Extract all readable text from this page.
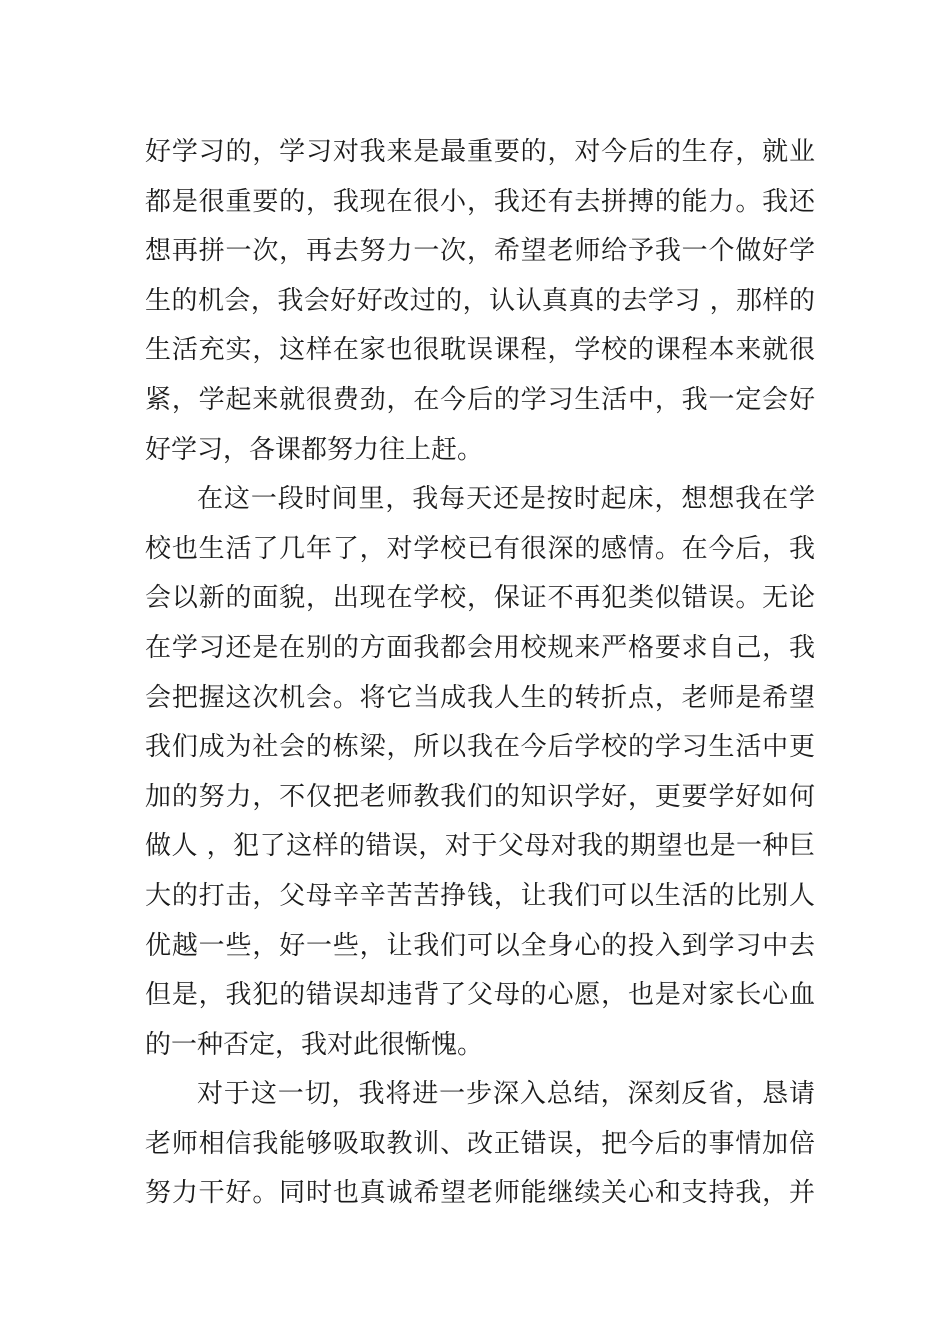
好学习的，学习对我来是最重要的，对今后的生存，就业
都是很重要的，我现在很小，我还有去拼搏的能力。我还
想再拼一次，再去努力一次，希望老师给予我一个做好学
生的机会，我会好好改过的，认认真真的去学习 ，那样的
生活充实，这样在家也很耽误课程，学校的课程本来就很
紧，学起来就很费劲，在今后的学习生活中，我一定会好
好学习，各课都努力往上赶。
在这一段时间里，我每天还是按时起床，想想我在学
校也生活了几年了，对学校已有很深的感情。在今后，我
会以新的面貌，出现在学校，保证不再犯类似错误。无论
在学习还是在别的方面我都会用校规来严格要求自己，我
会把握这次机会。将它当成我人生的转折点，老师是希望
我们成为社会的栋梁，所以我在今后学校的学习生活中更
加的努力，不仅把老师教我们的知识学好，更要学好如何
做人 ，犯了这样的错误，对于父母对我的期望也是一种巨
大的打击，父母辛辛苦苦挣钱，让我们可以生活的比别人
优越一些，好一些，让我们可以全身心的投入到学习中去
但是，我犯的错误却违背了父母的心愿，也是对家长心血
的一种否定，我对此很惭愧。
对于这一切，我将进一步深入总结，深刻反省，恳请
老师相信我能够吸取教训、改正错误，把今后的事情加倍
努力干好。同时也真诚希望老师能继续关心和支持我，并
